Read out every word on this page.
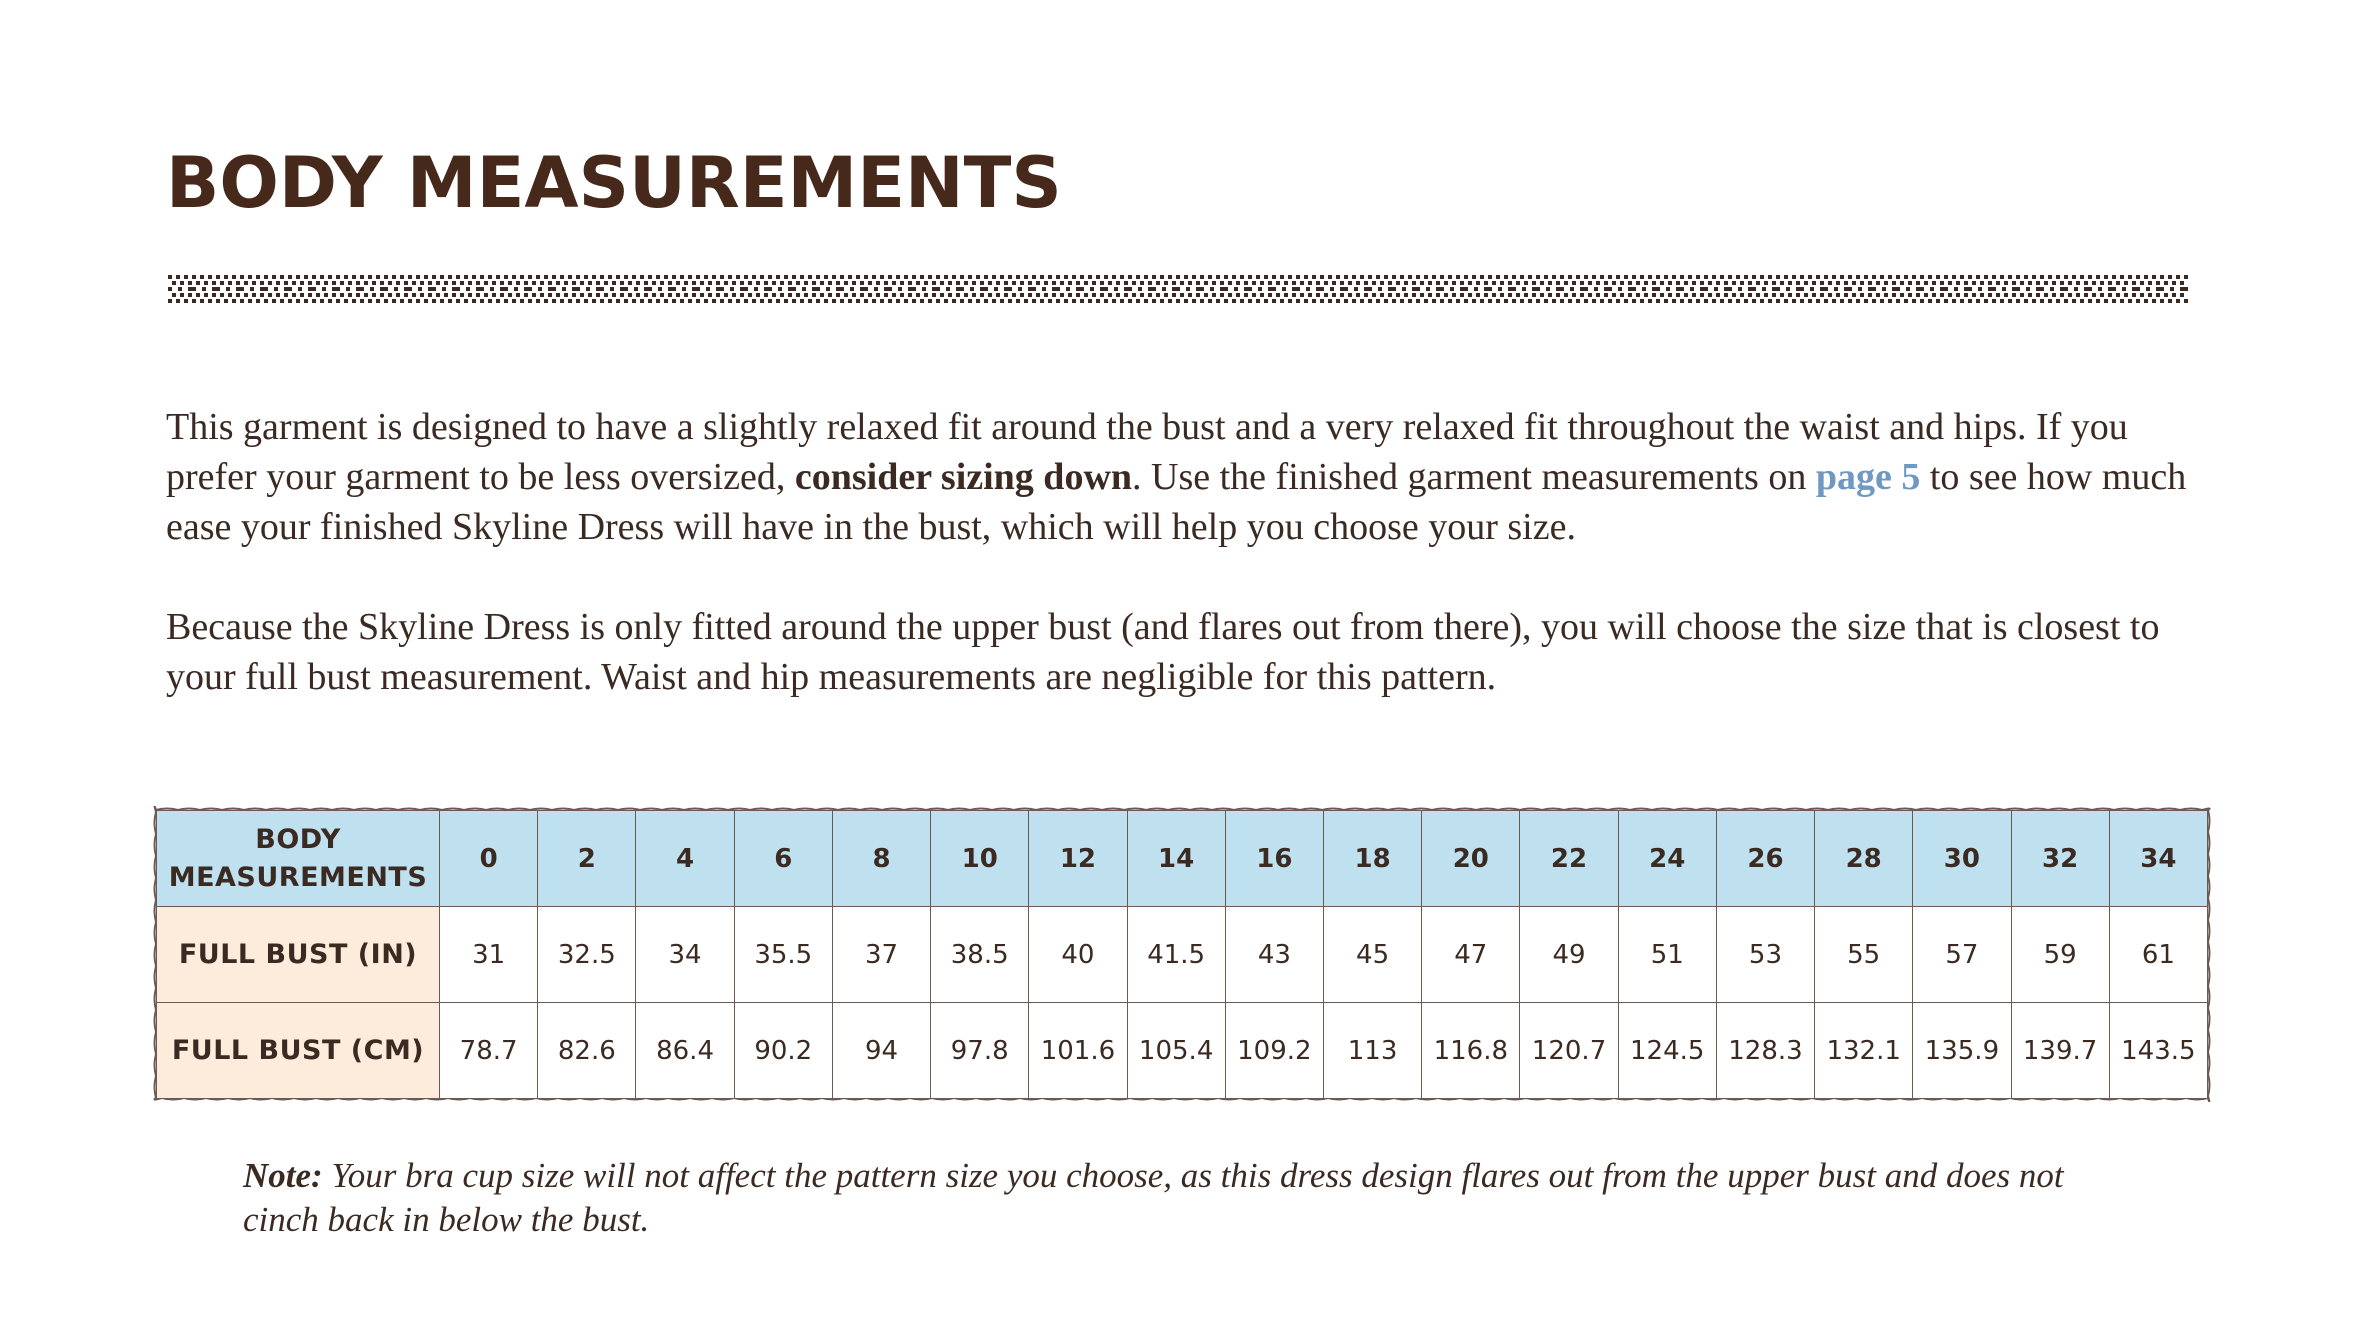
BODY MEASUREMENTS

This garment is designed to have a slightly relaxed fit around the bust and a very relaxed fit throughout the waist and hips. If you prefer your garment to be less oversized, consider sizing down. Use the finished garment measurements on page 5 to see how much ease your finished Skyline Dress will have in the bust, which will help you choose your size.

Because the Skyline Dress is only fitted around the upper bust (and flares out from there), you will choose the size that is closest to your full bust measurement. Waist and hip measurements are negligible for this pattern.

BODY
MEASUREMENTS	0	2	4	6	8	10	12	14	16	18	20	22	24	26	28	30	32	34
FULL BUST (IN)	31	32.5	34	35.5	37	38.5	40	41.5	43	45	47	49	51	53	55	57	59	61
FULL BUST (CM)	78.7	82.6	86.4	90.2	94	97.8	101.6	105.4	109.2	113	116.8	120.7	124.5	128.3	132.1	135.9	139.7	143.5

Note: Your bra cup size will not affect the pattern size you choose, as this dress design flares out from the upper bust and does not cinch back in below the bust.
